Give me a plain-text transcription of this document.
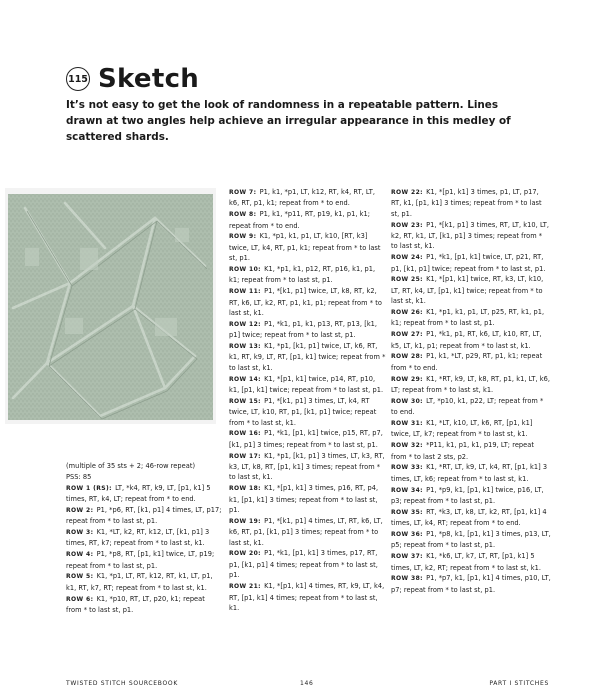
115 Sketch
It’s not easy to get the look of randomness in a repeatable pattern. Lines drawn at two angles help achieve an irregular appearance in this medley of scattered shards.

(multiple of 35 sts + 2; 46-row repeat)

PSS: 85

ROW 1 (RS): LT, *k4, RT, k9, LT, [p1, k1] 5 times, RT, k4, LT; repeat from * to end.

ROW 2: P1, *p6, RT, [k1, p1] 4 times, LT, p17; repeat from * to last st, p1.

ROW 3: K1, *LT, k2, RT, k12, LT, [k1, p1] 3 times, RT, k7; repeat from * to last st, k1.

ROW 4: P1, *p8, RT, [p1, k1] twice, LT, p19; repeat from * to last st, p1.

ROW 5: K1, *p1, LT, RT, k12, RT, k1, LT, p1, k1, RT, k7, RT; repeat from * to last st, k1.

ROW 6: K1, *p10, RT, LT, p20, k1; repeat from * to last st, p1.

ROW 7: P1, k1, *p1, LT, k12, RT, k4, RT, LT, k6, RT, p1, k1; repeat from * to end.

ROW 8: P1, k1, *p11, RT, p19, k1, p1, k1; repeat from * to end.

ROW 9: K1, *p1, k1, p1, LT, k10, [RT, k3] twice, LT, k4, RT, p1, k1; repeat from * to last st, p1.

ROW 10: K1, *p1, k1, p12, RT, p16, k1, p1, k1; repeat from * to last st, p1.

ROW 11: P1, *[k1, p1] twice, LT, k8, RT, k2, RT, k6, LT, k2, RT, p1, k1, p1; repeat from * to last st, k1.

ROW 12: P1, *k1, p1, k1, p13, RT, p13, [k1, p1] twice; repeat from * to last st, p1.

ROW 13: K1, *p1, [k1, p1] twice, LT, k6, RT, k1, RT, k9, LT, RT, [p1, k1] twice; repeat from * to last st, k1.

ROW 14: K1, *[p1, k1] twice, p14, RT, p10, k1, [p1, k1] twice; repeat from * to last st, p1.

ROW 15: P1, *[k1, p1] 3 times, LT, k4, RT twice, LT, k10, RT, p1, [k1, p1] twice; repeat from * to last st, k1.

ROW 16: P1, *k1, [p1, k1] twice, p15, RT, p7, [k1, p1] 3 times; repeat from * to last st, p1.

ROW 17: K1, *p1, [k1, p1] 3 times, LT, k3, RT, k3, LT, k8, RT, [p1, k1] 3 times; repeat from * to last st, k1.

ROW 18: K1, *[p1, k1] 3 times, p16, RT, p4, k1, [p1, k1] 3 times; repeat from * to last st, p1.

ROW 19: P1, *[k1, p1] 4 times, LT, RT, k6, LT, k6, RT, p1, [k1, p1] 3 times; repeat from * to last st, k1.

ROW 20: P1, *k1, [p1, k1] 3 times, p17, RT, p1, [k1, p1] 4 times; repeat from * to last st, p1.

ROW 21: K1, *[p1, k1] 4 times, RT, k9, LT, k4, RT, [p1, k1] 4 times; repeat from * to last st, k1.

ROW 22: K1, *[p1, k1] 3 times, p1, LT, p17, RT, k1, [p1, k1] 3 times; repeat from * to last st, p1.

ROW 23: P1, *[k1, p1] 3 times, RT, LT, k10, LT, k2, RT, k1, LT, [k1, p1] 3 times; repeat from * to last st, k1.

ROW 24: P1, *k1, [p1, k1] twice, LT, p21, RT, p1, [k1, p1] twice; repeat from * to last st, p1.

ROW 25: K1, *[p1, k1] twice, RT, k3, LT, k10, LT, RT, k4, LT, [p1, k1] twice; repeat from * to last st, k1.

ROW 26: K1, *p1, k1, p1, LT, p25, RT, k1, p1, k1; repeat from * to last st, p1.

ROW 27: P1, *k1, p1, RT, k6, LT, k10, RT, LT, k5, LT, k1, p1; repeat from * to last st, k1.

ROW 28: P1, k1, *LT, p29, RT, p1, k1; repeat from * to end.

ROW 29: K1, *RT, k9, LT, k8, RT, p1, k1, LT, k6, LT; repeat from * to last st, k1.

ROW 30: LT, *p10, k1, p22, LT; repeat from * to end.

ROW 31: K1, *LT, k10, LT, k6, RT, [p1, k1] twice, LT, k7; repeat from * to last st, k1.

ROW 32: *P11, k1, p1, k1, p19, LT; repeat from * to last 2 sts, p2.

ROW 33: K1, *RT, LT, k9, LT, k4, RT, [p1, k1] 3 times, LT, k6; repeat from * to last st, k1.

ROW 34: P1, *p9, k1, [p1, k1] twice, p16, LT, p3; repeat from * to last st, p1.

ROW 35: RT, *k3, LT, k8, LT, k2, RT, [p1, k1] 4 times, LT, k4, RT; repeat from * to end.

ROW 36: P1, *p8, k1, [p1, k1] 3 times, p13, LT, p5; repeat from * to last st, p1.

ROW 37: K1, *k6, LT, k7, LT, RT, [p1, k1] 5 times, LT, k2, RT; repeat from * to last st, k1.

ROW 38: P1, *p7, k1, [p1, k1] 4 times, p10, LT, p7; repeat from * to last st, p1.

TWISTED STITCH SOURCEBOOK	146	PART I STITCHES
